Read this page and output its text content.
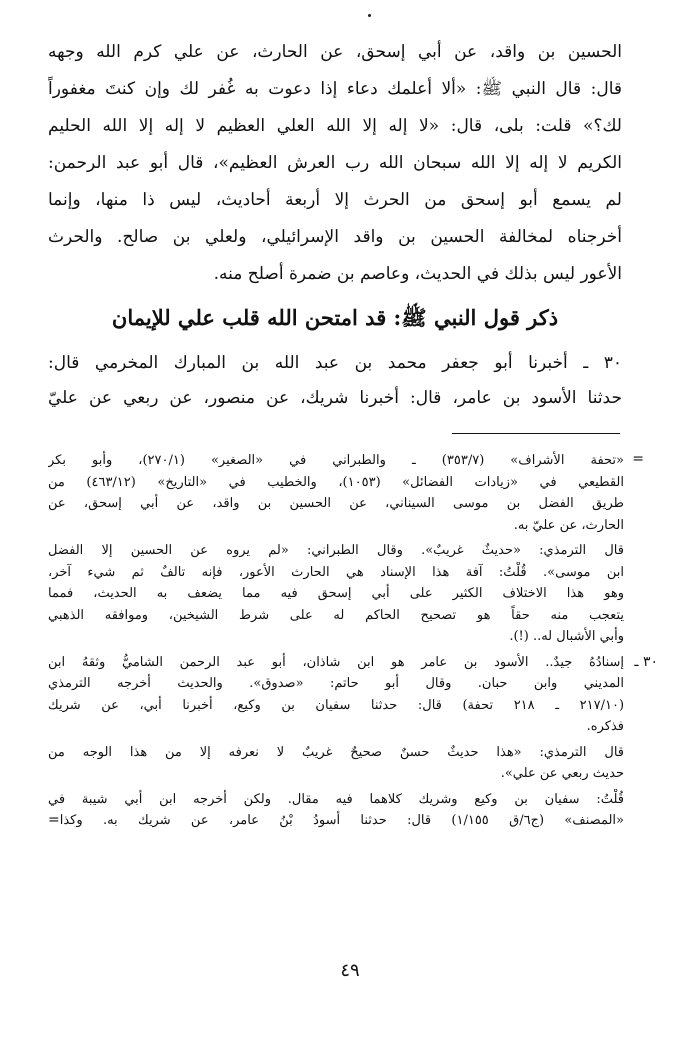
الحسين بن واقد، عن أبي إسحق، عن الحارث، عن علي كرم الله وجهه
قال: قال النبي ﷺ: «ألا أعلمك دعاء إذا دعوت به غُفر لك وإن كنتَ مغفوراً
لك؟» قلت: بلى، قال: «لا إله إلا الله العلي العظيم لا إله إلا الله الحليم
الكريم لا إله إلا الله سبحان الله رب العرش العظيم»، قال أبو عبد الرحمن:
لم يسمع أبو إسحق من الحرث إلا أربعة أحاديث، ليس ذا منها، وإنما
أخرجناه لمخالفة الحسين بن واقد الإسرائيلي، ولعلي بن صالح. والحرث
الأعور ليس بذلك في الحديث، وعاصم بن ضمرة أصلح منه.
ذكر قول النبي ﷺ: قد امتحن الله قلب علي للإيمان
٣٠ ـ أخبرنا أبو جعفر محمد بن عبد الله بن المبارك المخرمي قال:
حدثنا الأسود بن عامر، قال: أخبرنا شريك، عن منصور، عن ربعي عن عليّ
=
«تحفة الأشراف» (٣٥٣/٧) ـ والطبراني في «الصغير» (٢٧٠/١)، وأبو بكر
القطيعي في «زيادات الفضائل» (١٠٥٣)، والخطيب في «التاريخ» (٤٦٣/١٢) من
طريق الفضل بن موسى السيناني، عن الحسين بن واقد، عن أبي إسحق، عن
الحارث، عن عليّ به.
قال الترمذي: «حديثٌ غريبٌ». وقال الطبراني: «لم يروه عن الحسين إلا الفضل
ابن موسى». قُلْتُ: آفة هذا الإسناد هي الحارث الأعور، فإنه تالفٌ ثم شيء آخر،
وهو هذا الاختلاف الكثير على أبي إسحق فيه مما يضعف به الحديث، فمما
يتعجب منه حقاً هو تصحيح الحاكم له على شرط الشيخين، وموافقه الذهبي
وأبي الأشبال له.. (!).
٣٠ ـ
إسنادُهُ جيدٌ.. الأسود بن عامر هو ابن شاذان، أبو عبد الرحمن الشاميُّ وثقهُ ابن
المديني وابن حبان. وقال أبو حاتم: «صدوق». والحديث أخرجه الترمذي
(٢١٧/١٠ ـ ٢١٨ تحفة) قال: حدثنا سفيان بن وكيع، أخبرنا أبي، عن شريك
فذكره.
قال الترمذي: «هذا حديثٌ حسنٌ صحيحٌ غريبٌ لا نعرفه إلا من هذا الوجه من
حديث ربعي عن علي».
قُلْتُ: سفيان بن وكيع وشريك كلاهما فيه مقال. ولكن أخرجه ابن أبي شيبة في
«المصنف» (ج٦/ق ١/١٥٥) قال: حدثنا أسودُ بْنُ عامر، عن شريك به. وكذا=
٤٩
